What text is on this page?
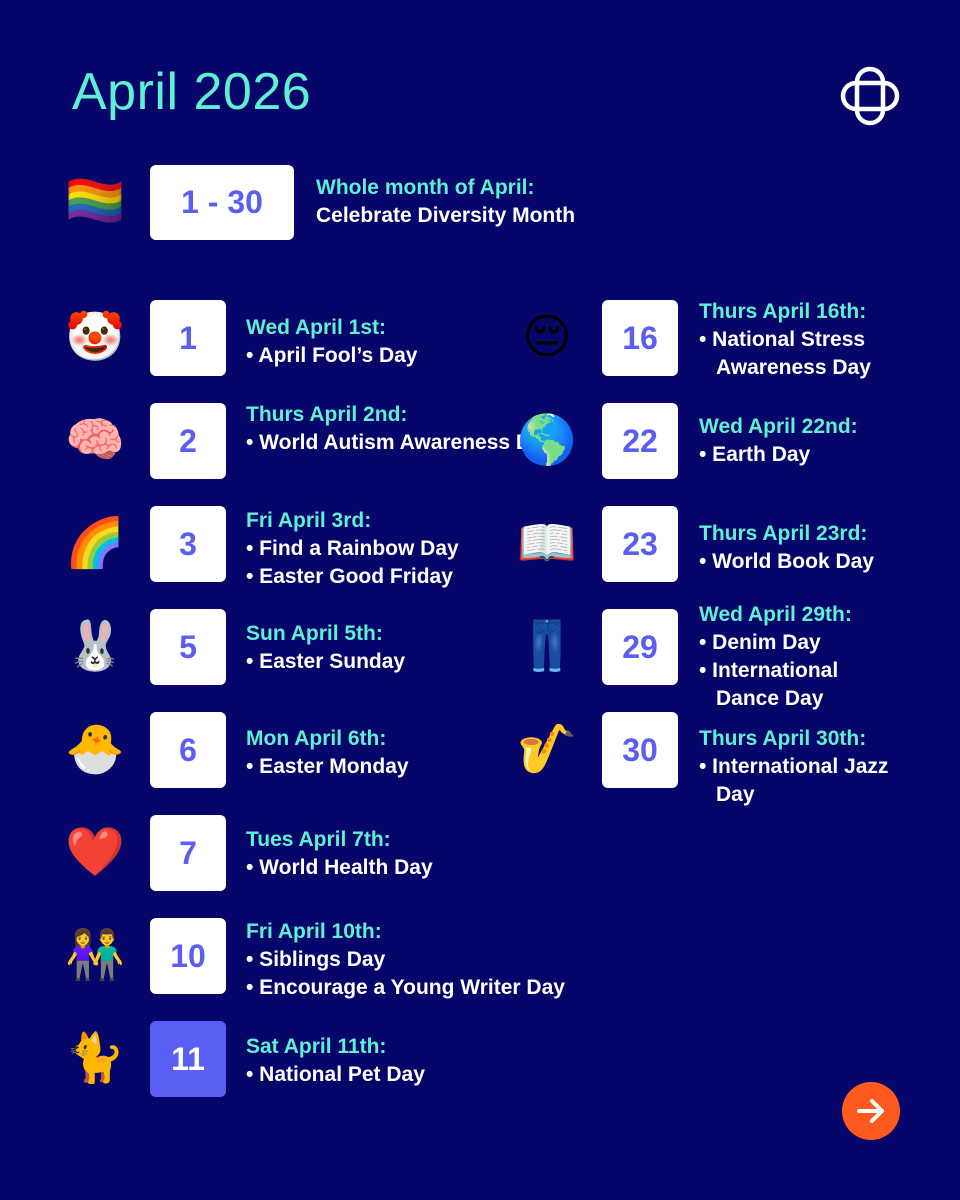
April 2026
🏳️‍🌈	1 - 30	Whole month of April:
Celebrate Diversity Month
🤡	1	Wed April 1st:
• April Fool’s Day
🧠	2
Thurs April 2nd:
• World Autism Awareness Day
🌈	3
Fri April 3rd:
• Find a Rainbow Day
• Easter Good Friday
🐰	5	Sun April 5th:
• Easter Sunday
🐣	6	Mon April 6th:
• Easter Monday
❤️	7	Tues April 7th:
• World Health Day
👫	10
Fri April 10th:
• Siblings Day
• Encourage a Young Writer Day
🐈	11	Sat April 11th:
• National Pet Day
😔	16
Thurs April 16th:
• National Stress Awareness Day
🌎	22	Wed April 22nd:
• Earth Day
📖	23	Thurs April 23rd:
• World Book Day
👖	29
Wed April 29th:
• Denim Day
• International Dance Day
🎷	30	Thurs April 30th:
• International Jazz Day
